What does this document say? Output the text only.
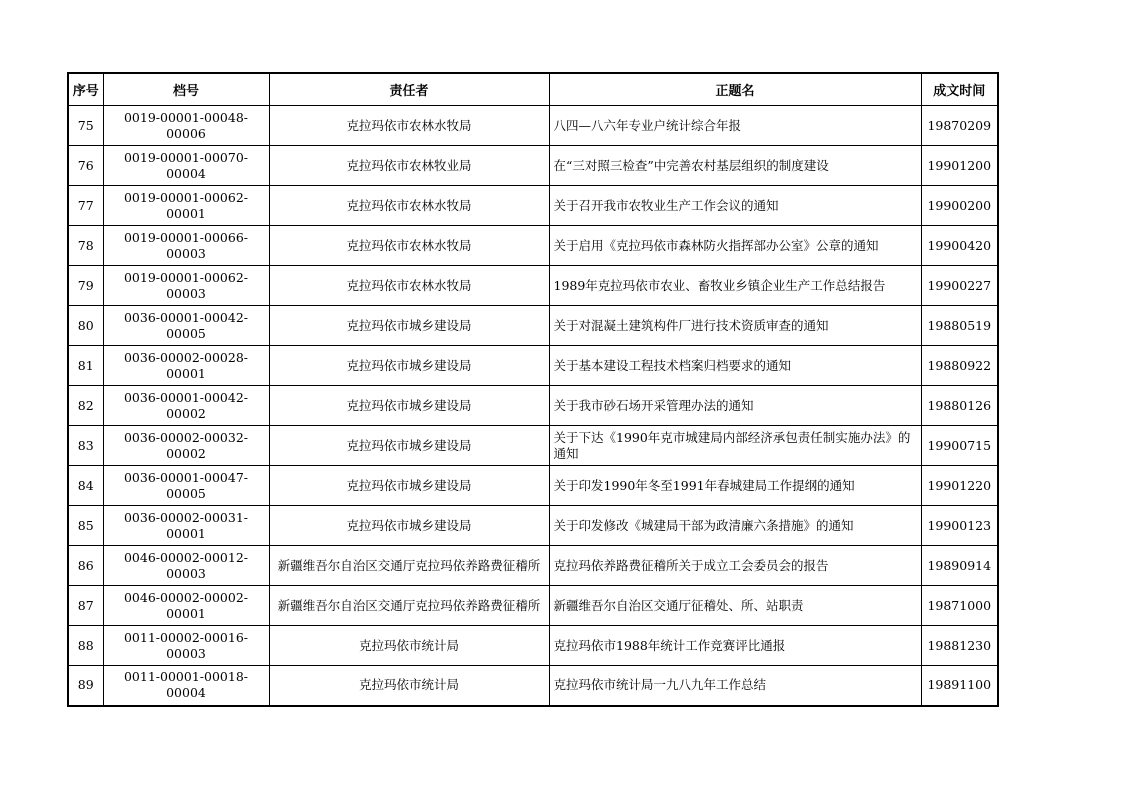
序号	档号	责任者	正题名	成文时间
75	0019-00001-00048-00006	克拉玛依市农林水牧局	八四—八六年专业户统计综合年报	19870209
76	0019-00001-00070-00004	克拉玛依市农林牧业局	在“三对照三检查”中完善农村基层组织的制度建设	19901200
77	0019-00001-00062-00001	克拉玛依市农林水牧局	关于召开我市农牧业生产工作会议的通知	19900200
78	0019-00001-00066-00003	克拉玛依市农林水牧局	关于启用《克拉玛依市森林防火指挥部办公室》公章的通知	19900420
79	0019-00001-00062-00003	克拉玛依市农林水牧局	1989年克拉玛依市农业、畜牧业乡镇企业生产工作总结报告	19900227
80	0036-00001-00042-00005	克拉玛依市城乡建设局	关于对混凝土建筑构件厂进行技术资质审查的通知	19880519
81	0036-00002-00028-00001	克拉玛依市城乡建设局	关于基本建设工程技术档案归档要求的通知	19880922
82	0036-00001-00042-00002	克拉玛依市城乡建设局	关于我市砂石场开采管理办法的通知	19880126
83	0036-00002-00032-00002	克拉玛依市城乡建设局	关于下达《1990年克市城建局内部经济承包责任制实施办法》的通知	19900715
84	0036-00001-00047-00005	克拉玛依市城乡建设局	关于印发1990年冬至1991年春城建局工作提纲的通知	19901220
85	0036-00002-00031-00001	克拉玛依市城乡建设局	关于印发修改《城建局干部为政清廉六条措施》的通知	19900123
86	0046-00002-00012-00003	新疆维吾尔自治区交通厅克拉玛依养路费征稽所	克拉玛依养路费征稽所关于成立工会委员会的报告	19890914
87	0046-00002-00002-00001	新疆维吾尔自治区交通厅克拉玛依养路费征稽所	新疆维吾尔自治区交通厅征稽处、所、站职责	19871000
88	0011-00002-00016-00003	克拉玛依市统计局	克拉玛依市1988年统计工作竞赛评比通报	19881230
89	0011-00001-00018-00004	克拉玛依市统计局	克拉玛依市统计局一九八九年工作总结	19891100
